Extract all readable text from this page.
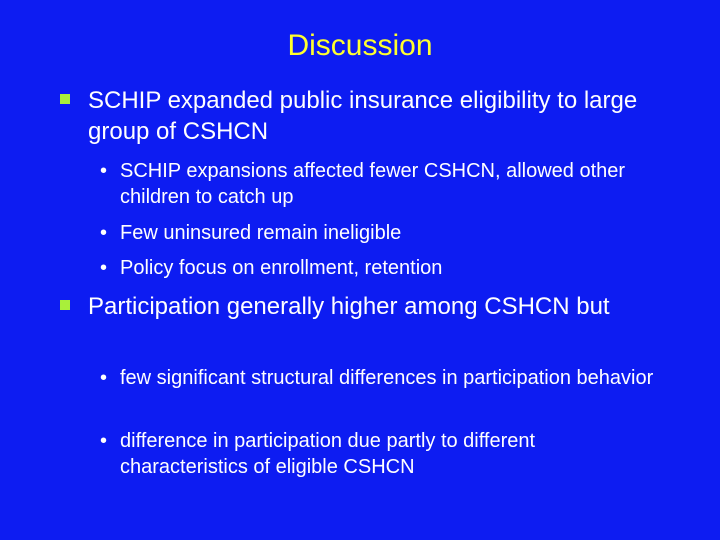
Discussion
SCHIP expanded public insurance eligibility to large group of CSHCN
• SCHIP expansions affected fewer CSHCN, allowed other children to catch up
• Few uninsured remain ineligible
• Policy focus on enrollment, retention
Participation generally higher among CSHCN but
• few significant structural differences in participation behavior
• difference in participation due partly to different characteristics of eligible CSHCN
